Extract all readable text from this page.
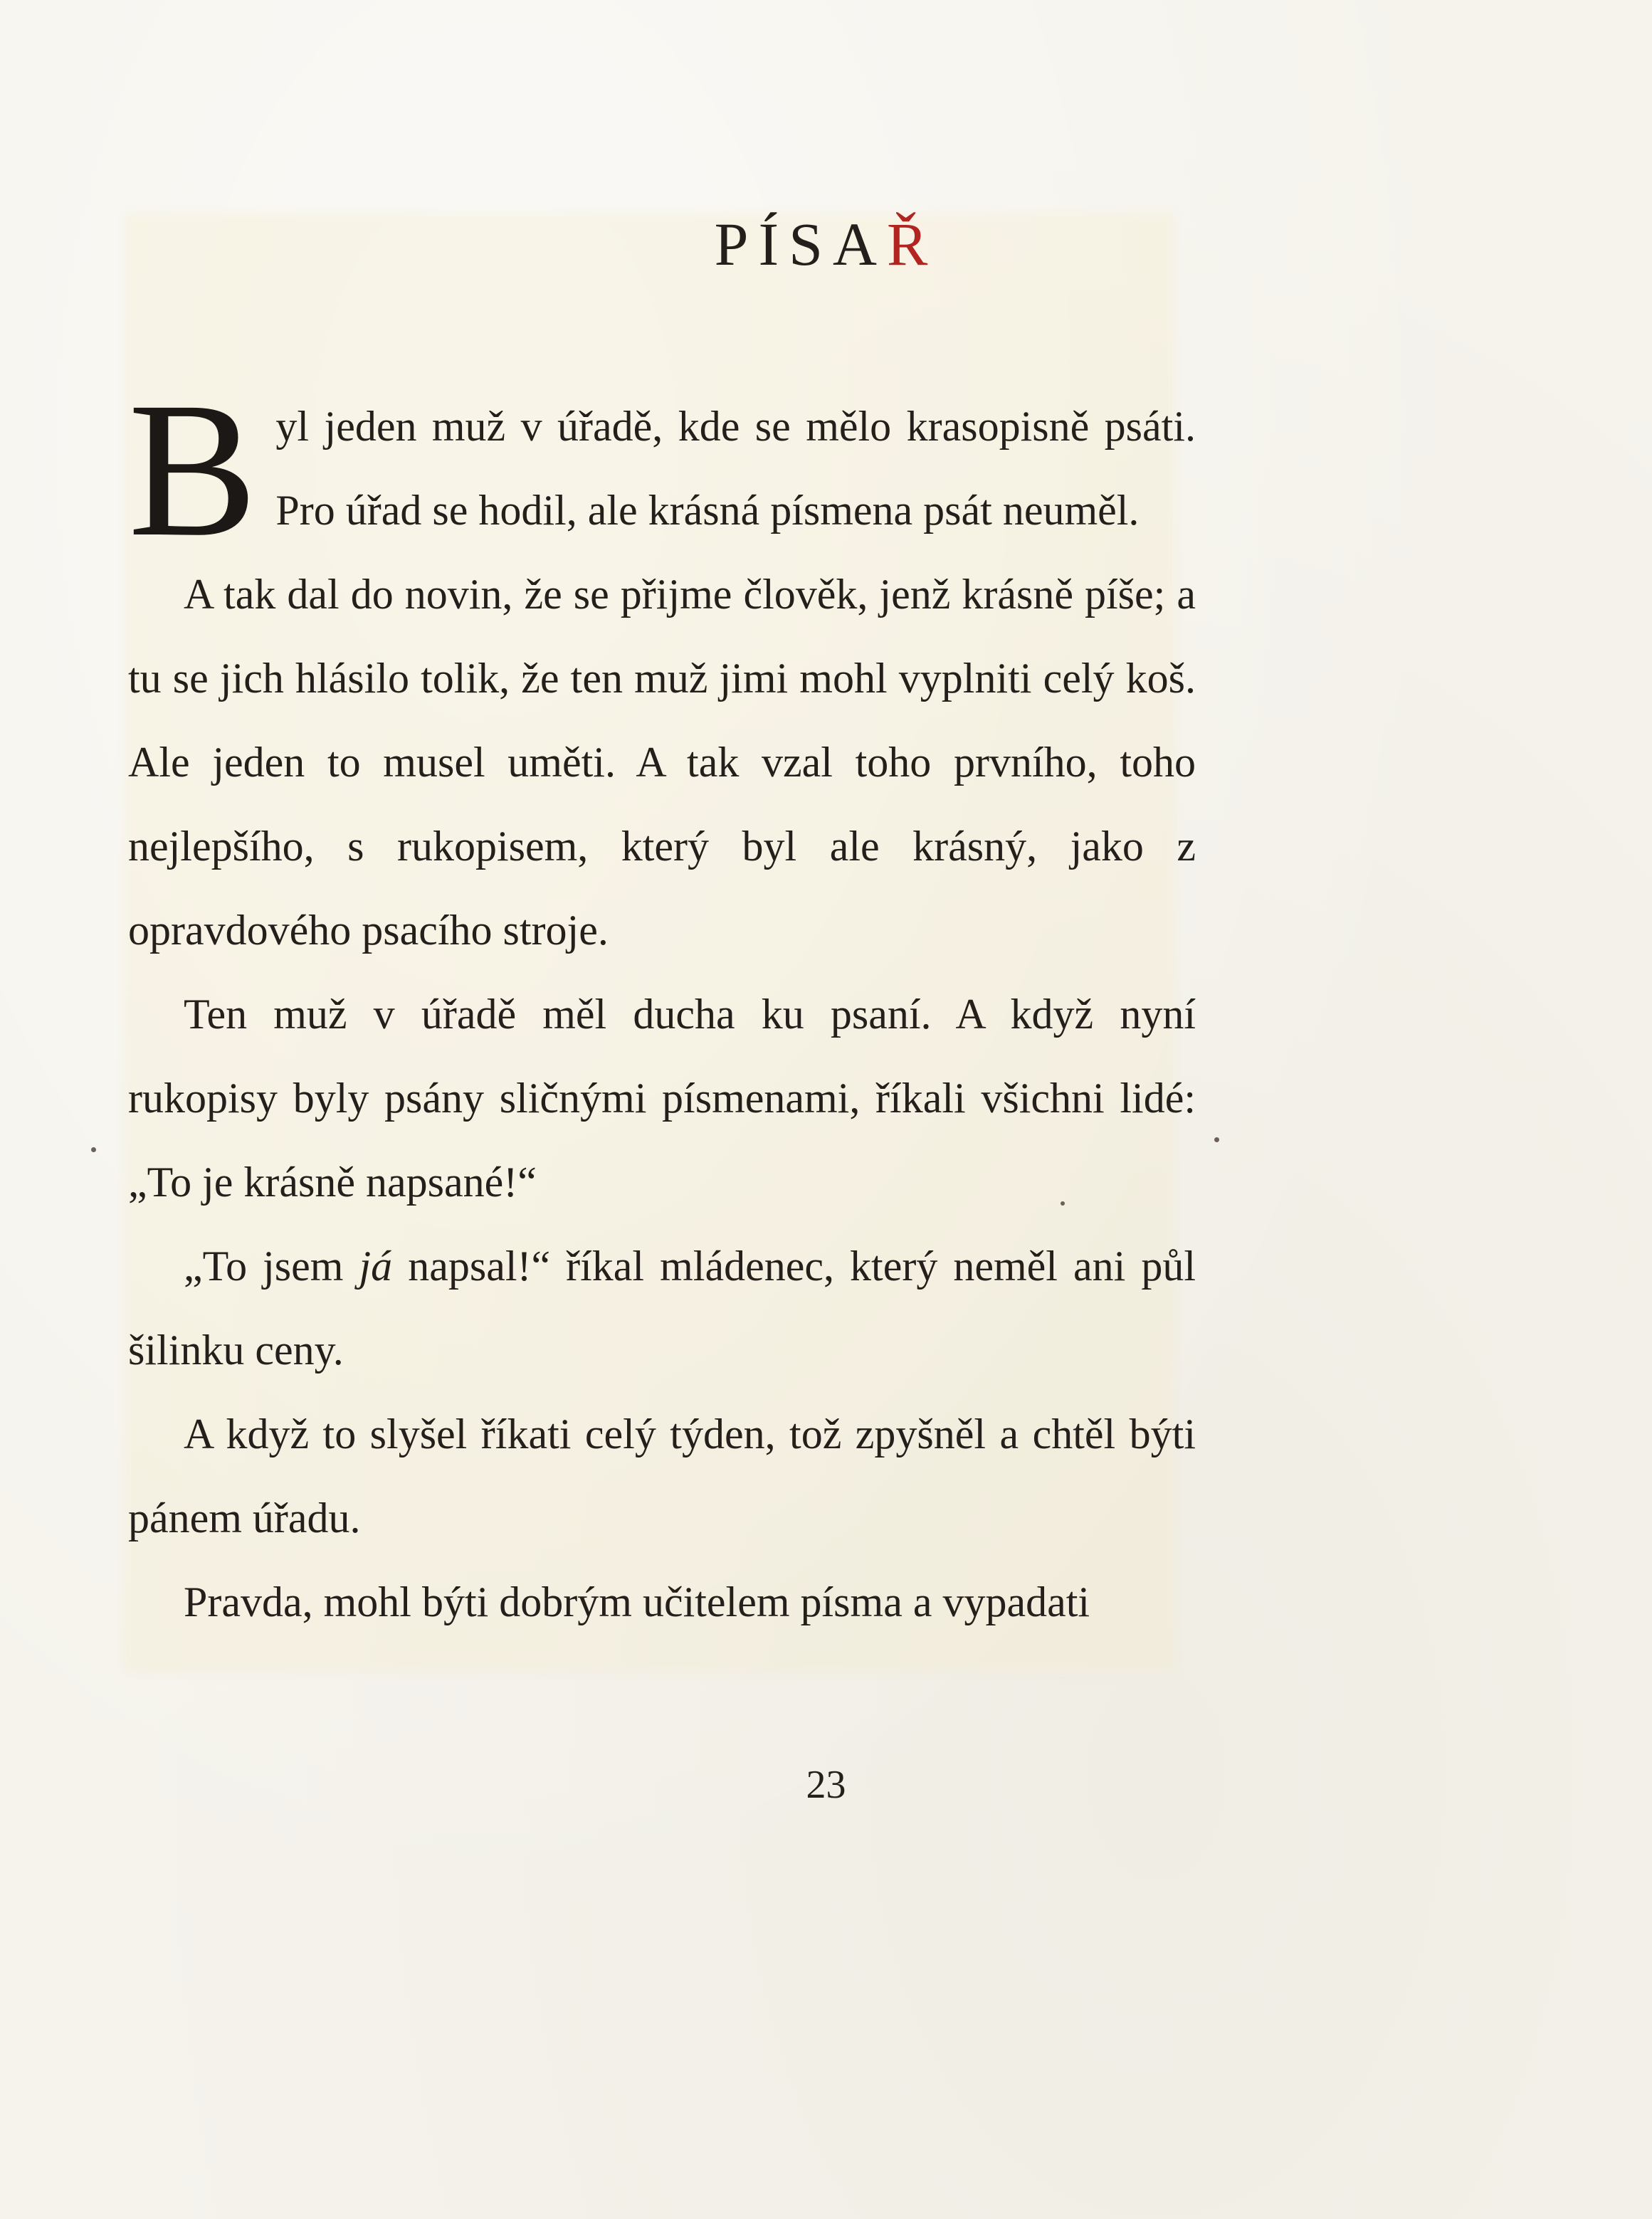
PÍSAŘ

Byl jeden muž v úřadě, kde se mělo krasopisně psáti. Pro úřad se hodil, ale krásná písmena psát neuměl.

A tak dal do novin, že se přijme člověk, jenž krásně píše; a tu se jich hlásilo tolik, že ten muž jimi mohl vyplniti celý koš. Ale jeden to musel uměti. A tak vzal toho prvního, toho nejlepšího, s rukopisem, který byl ale krásný, jako z opravdového psacího stroje.

Ten muž v úřadě měl ducha ku psaní. A když nyní rukopisy byly psány sličnými písmenami, říkali všichni lidé: „To je krásně napsané!“

„To jsem já napsal!“ říkal mládenec, který neměl ani půl šilinku ceny.

A když to slyšel říkati celý týden, tož zpyšněl a chtěl býti pánem úřadu.

Pravda, mohl býti dobrým učitelem písma a vypadati

23
